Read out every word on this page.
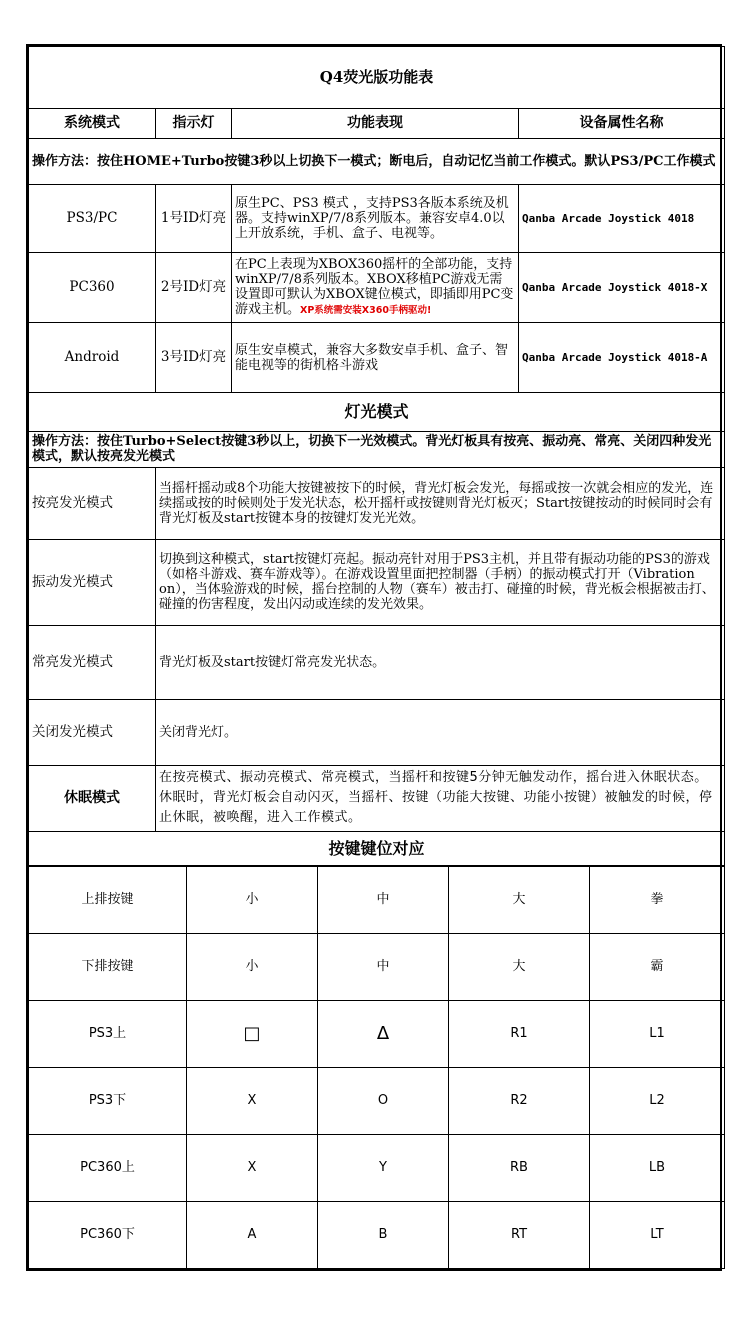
Q4荧光版功能表			
系统模式	指示灯	功能表现	设备属性名称
操作方法：按住HOME+Turbo按键3秒以上切换下一模式；断电后，自动记忆当前工作模式。默认PS3/PC工作模式			
PS3/PC	1号ID灯亮	原生PC、PS3 模式 ，支持PS3各版本系统及机器。支持winXP/7/8系列版本。兼容安卓4.0以上开放系统，手机、盒子、电视等。	Qanba Arcade Joystick 4018
PC360	2号ID灯亮	在PC上表现为XBOX360摇杆的全部功能，支持winXP/7/8系列版本。XBOX移植PC游戏无需设置即可默认为XBOX键位模式，即插即用PC变游戏主机。XP系统需安装X360手柄驱动!	Qanba Arcade Joystick 4018-X
Android	3号ID灯亮	原生安卓模式，兼容大多数安卓手机、盒子、智能电视等的街机格斗游戏	Qanba Arcade Joystick 4018-A
灯光模式	
操作方法：按住Turbo+Select按键3秒以上，切换下一光效模式。背光灯板具有按亮、振动亮、常亮、关闭四种发光模式，默认按亮发光模式	
按亮发光模式	当摇杆摇动或8个功能大按键被按下的时候，背光灯板会发光，每摇或按一次就会相应的发光，连续摇或按的时候则处于发光状态，松开摇杆或按键则背光灯板灭；Start按键按动的时候同时会有背光灯板及start按键本身的按键灯发光光效。
振动发光模式	切换到这种模式，start按键灯亮起。振动亮针对用于PS3主机，并且带有振动功能的PS3的游戏（如格斗游戏、赛车游戏等）。在游戏设置里面把控制器（手柄）的振动模式打开（Vibration on），当体验游戏的时候，摇台控制的人物（赛车）被击打、碰撞的时候，背光板会根据被击打、碰撞的伤害程度，发出闪动或连续的发光效果。
常亮发光模式	背光灯板及start按键灯常亮发光状态。
关闭发光模式	关闭背光灯。
休眠模式	在按亮模式、振动亮模式、常亮模式，当摇杆和按键5分钟无触发动作，摇台进入休眠状态。休眠时，背光灯板会自动闪灭，当摇杆、按键（功能大按键、功能小按键）被触发的时候，停止休眠，被唤醒，进入工作模式。
按键键位对应	
上排按键	小	中	大	拳
下排按键	小	中	大	霸
PS3上	□	Δ	R1	L1
PS3下	X	O	R2	L2
PC360上	X	Y	RB	LB
PC360下	A	B	RT	LT
